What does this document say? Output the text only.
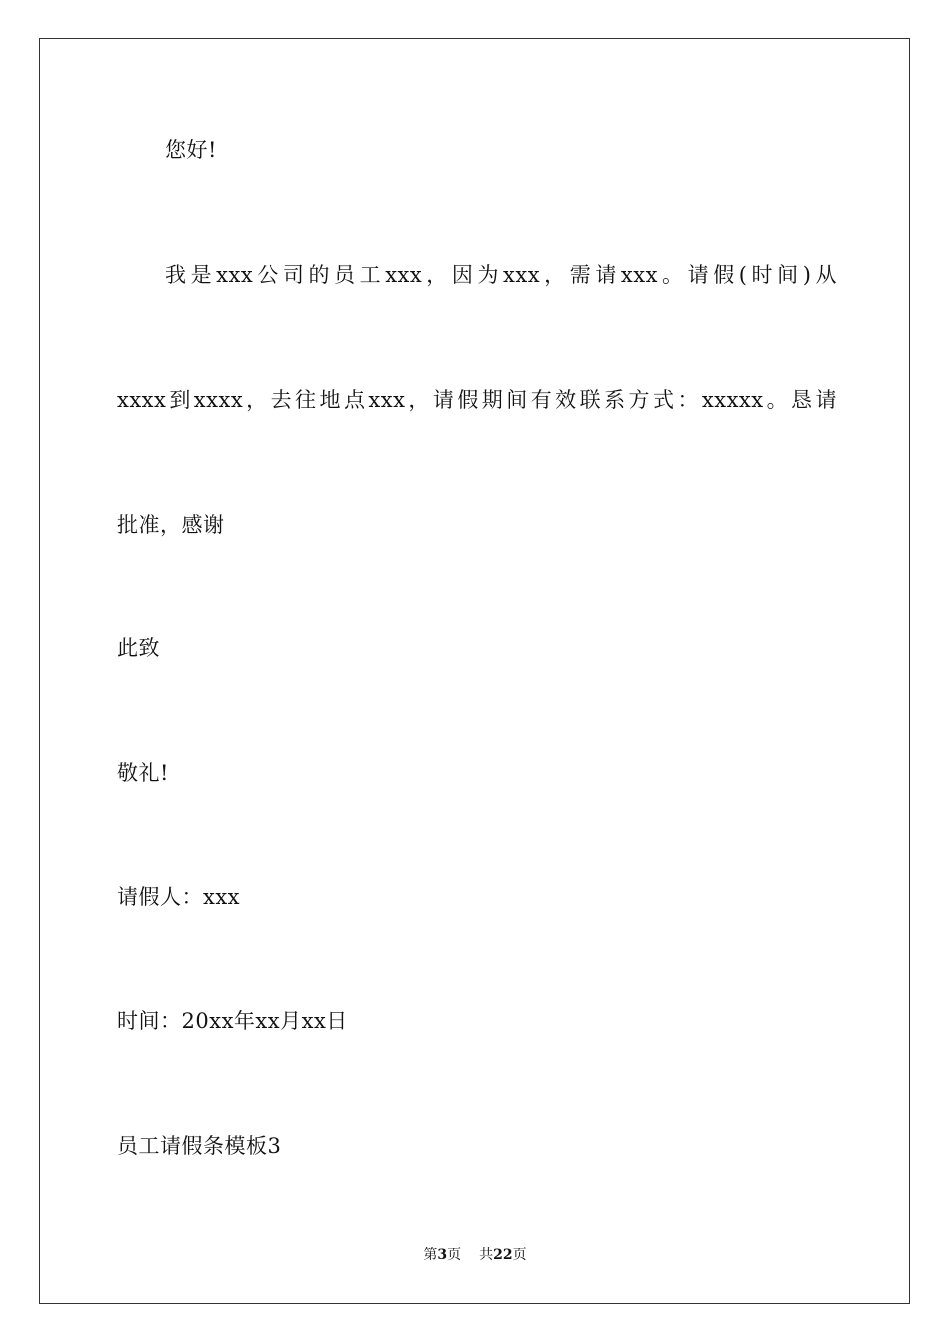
您好!
我是xxx公司的员工xxx，因为xxx，需请xxx。请假(时间)从
xxxx到xxxx，去往地点xxx，请假期间有效联系方式：xxxxx。恳请
批准，感谢
此致
敬礼!
请假人：xxx
时间：20xx年xx月xx日
员工请假条模板3
第3页 共22页
